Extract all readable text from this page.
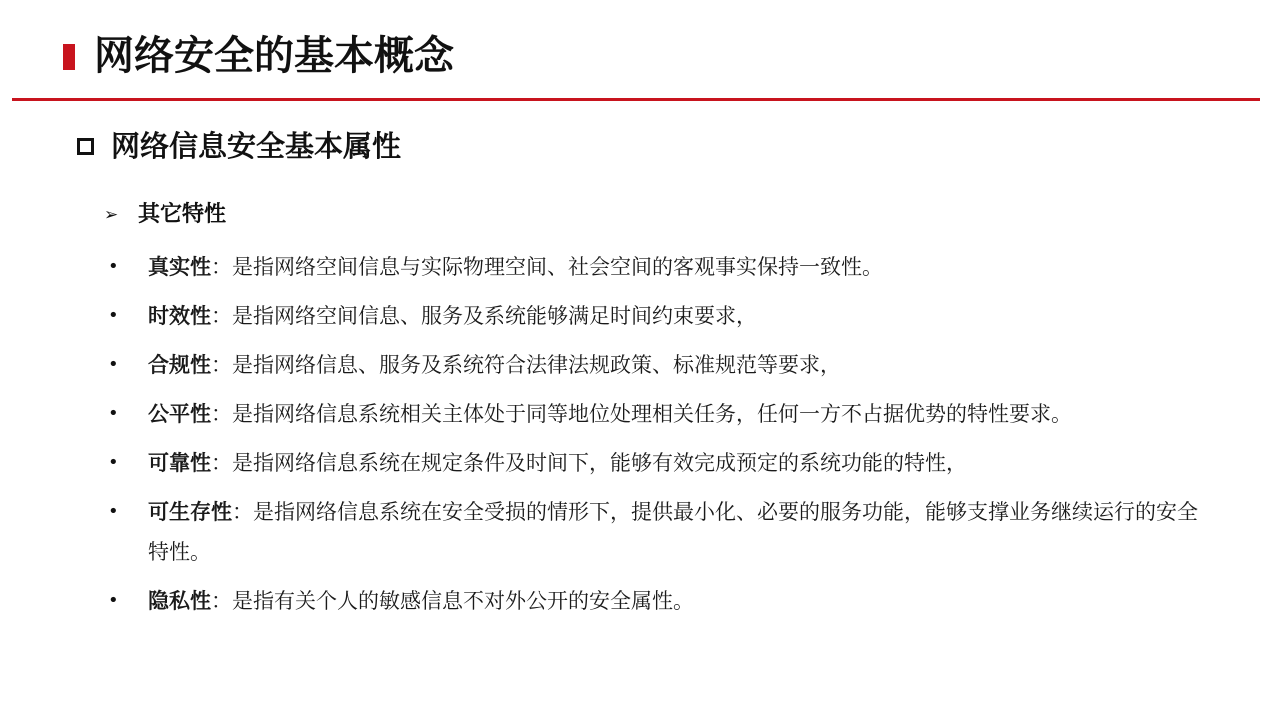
网络安全的基本概念
网络信息安全基本属性
➢ 其它特性
•	真实性：是指网络空间信息与实际物理空间、社会空间的客观事实保持一致性。
•	时效性：是指网络空间信息、服务及系统能够满足时间约束要求，
•	合规性：是指网络信息、服务及系统符合法律法规政策、标准规范等要求，
•	公平性：是指网络信息系统相关主体处于同等地位处理相关任务，任何一方不占据优势的特性要求。
•	可靠性：是指网络信息系统在规定条件及时间下，能够有效完成预定的系统功能的特性，
•	可生存性：是指网络信息系统在安全受损的情形下，提供最小化、必要的服务功能，能够支撑业务继续运行的安全特性。
•	隐私性：是指有关个人的敏感信息不对外公开的安全属性。
